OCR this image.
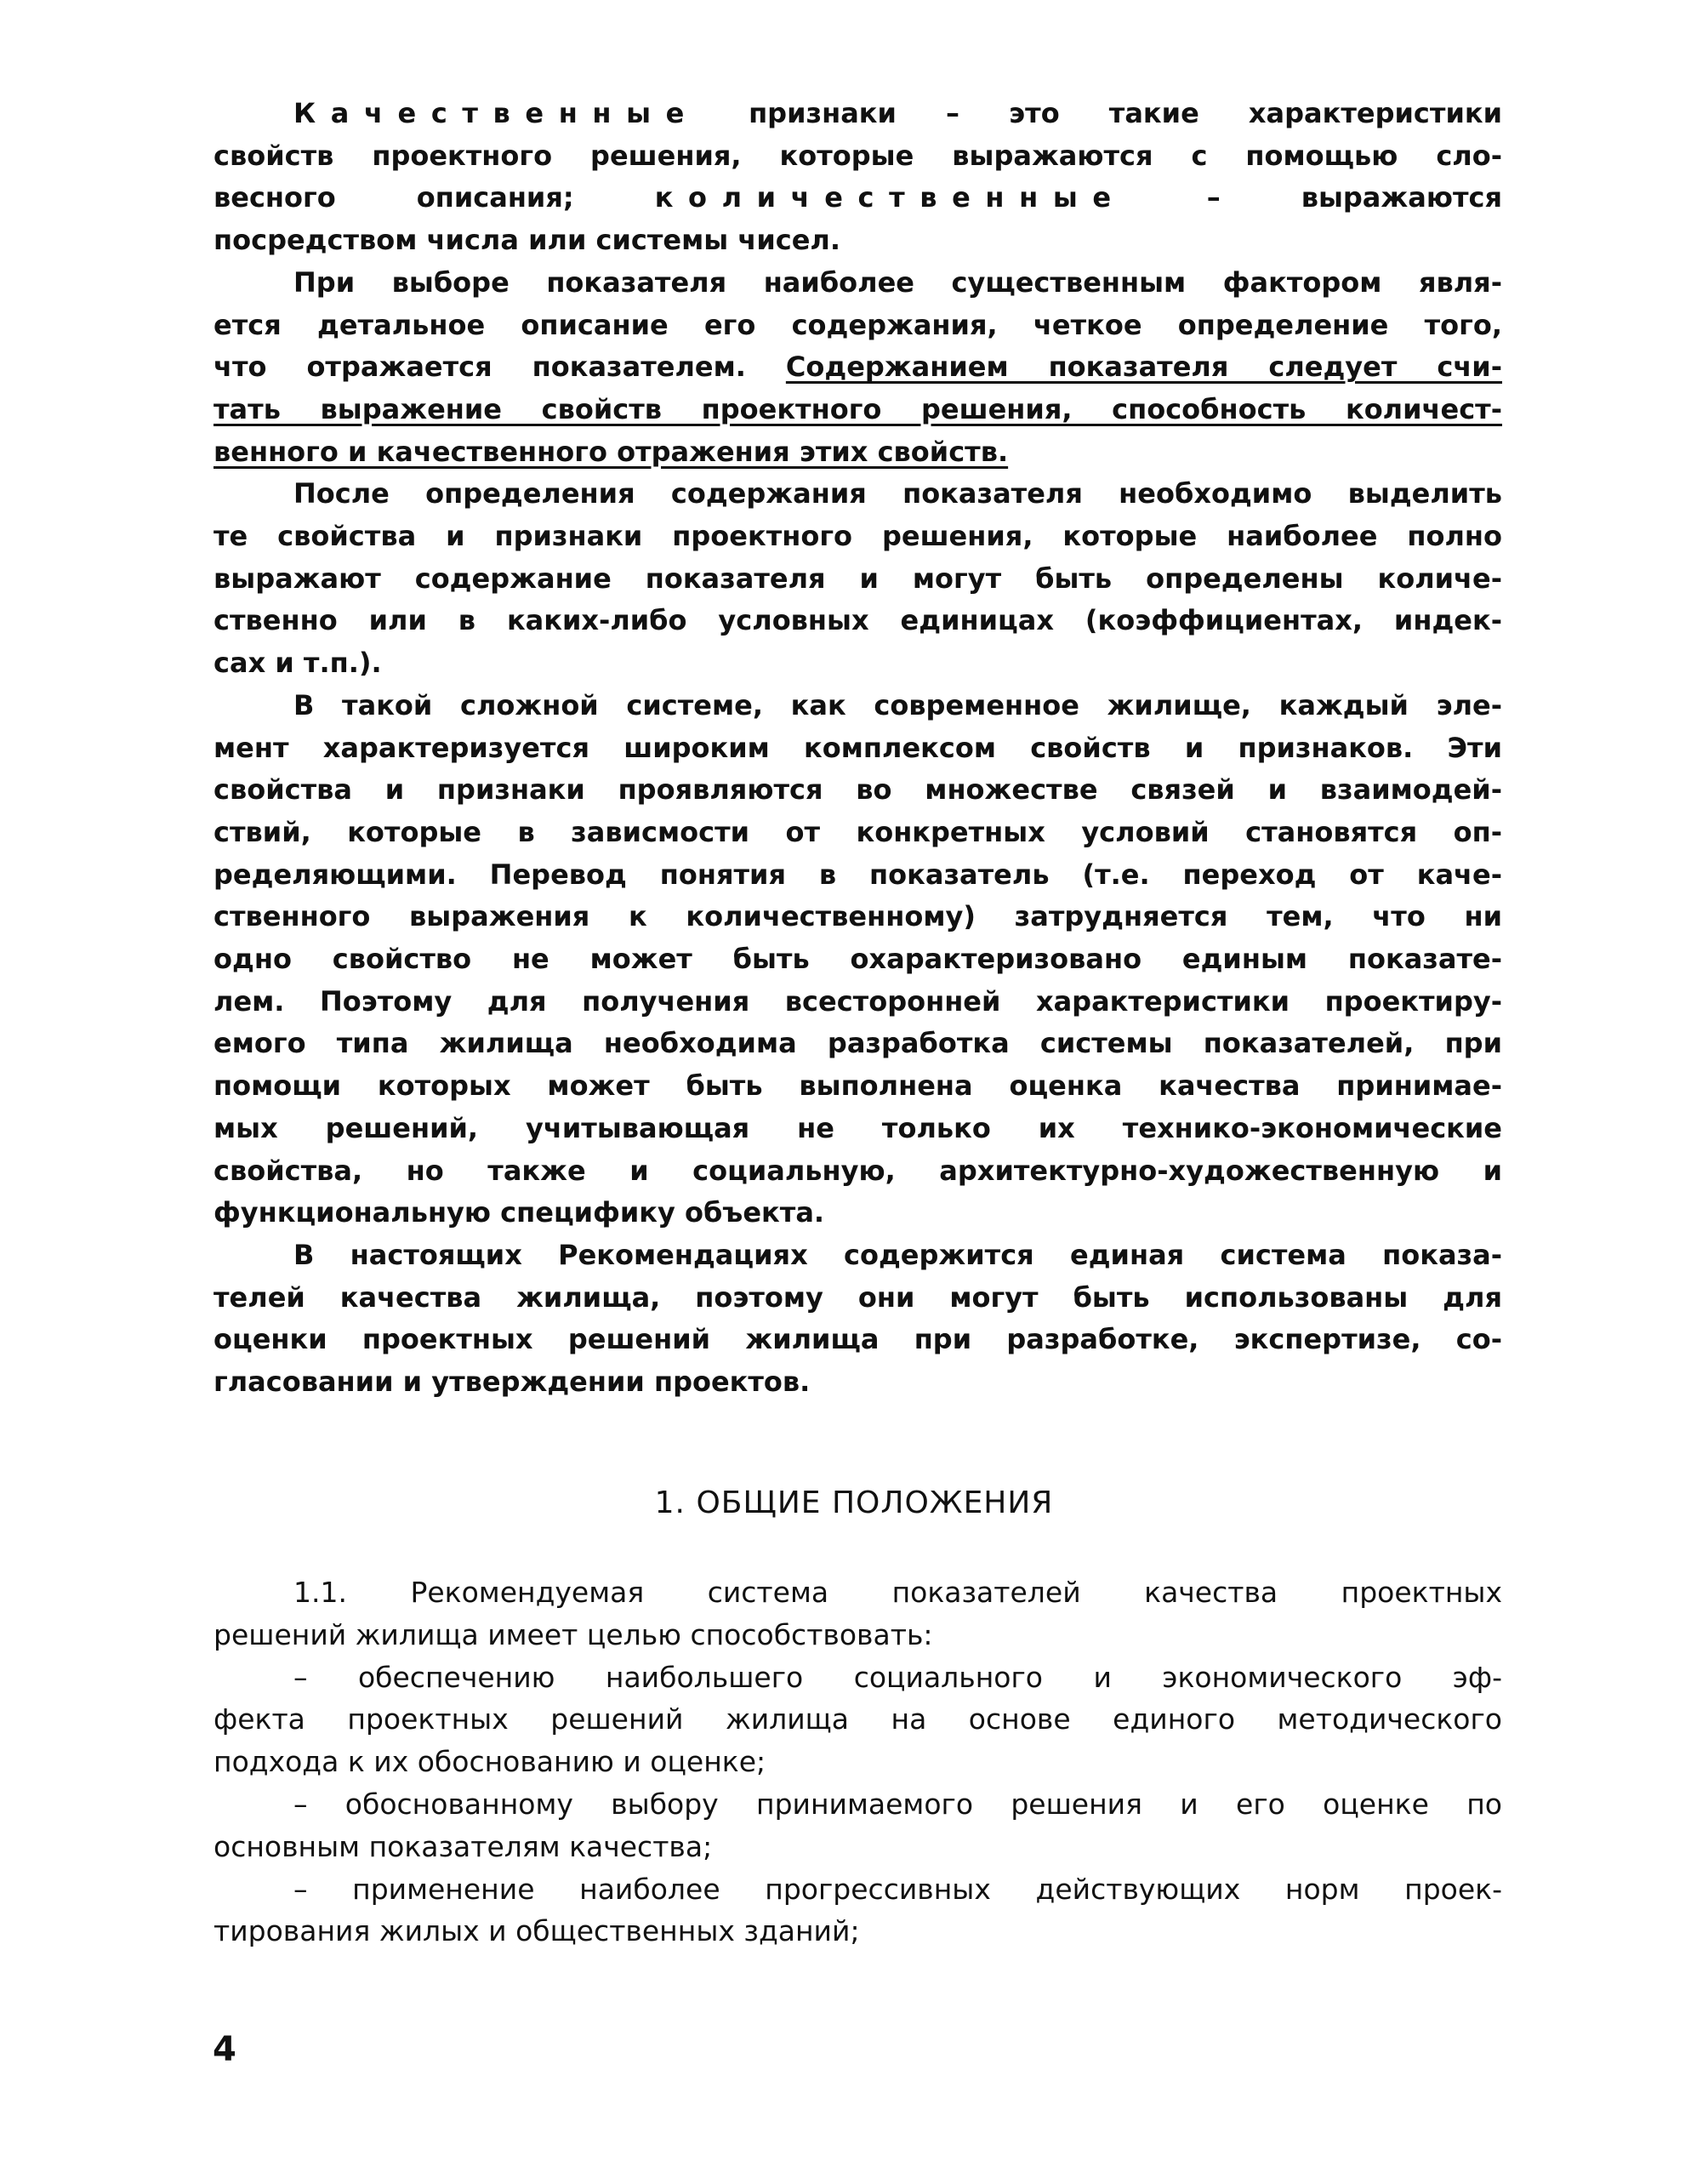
Качественные признаки – это такие характеристики
свойств проектного решения, которые выражаются с помощью сло-
весного описания; количественные – выражаются
посредством числа или системы чисел.
При выборе показателя наиболее существенным фактором явля-
ется детальное описание его содержания, четкое определение того,
что отражается показателем. Содержанием показателя следует счи-
тать выражение свойств проектного решения, способность количест-
венного и качественного отражения этих свойств.
После определения содержания показателя необходимо выделить
те свойства и признаки проектного решения, которые наиболее полно
выражают содержание показателя и могут быть определены количе-
ственно или в каких-либо условных единицах (коэффициентах, индек-
сах и т.п.).
В такой сложной системе, как современное жилище, каждый эле-
мент характеризуется широким комплексом свойств и признаков. Эти
свойства и признаки проявляются во множестве связей и взаимодей-
ствий, которые в зависмости от конкретных условий становятся оп-
ределяющими. Перевод понятия в показатель (т.е. переход от каче-
ственного выражения к количественному) затрудняется тем, что ни
одно свойство не может быть охарактеризовано единым показате-
лем. Поэтому для получения всесторонней характеристики проектиру-
емого типа жилища необходима разработка системы показателей, при
помощи которых может быть выполнена оценка качества принимае-
мых решений, учитывающая не только их технико-экономические
свойства, но также и социальную, архитектурно-художественную и
функциональную специфику объекта.
В настоящих Рекомендациях содержится единая система показа-
телей качества жилища, поэтому они могут быть использованы для
оценки проектных решений жилища при разработке, экспертизе, со-
гласовании и утверждении проектов.
1. ОБЩИЕ ПОЛОЖЕНИЯ
1.1. Рекомендуемая система показателей качества проектных
решений жилища имеет целью способствовать:
– обеспечению наибольшего социального и экономического эф-
фекта проектных решений жилища на основе единого методического
подхода к их обоснованию и оценке;
– обоснованному выбору принимаемого решения и его оценке по
основным показателям качества;
– применение наиболее прогрессивных действующих норм проек-
тирования жилых и общественных зданий;
4
